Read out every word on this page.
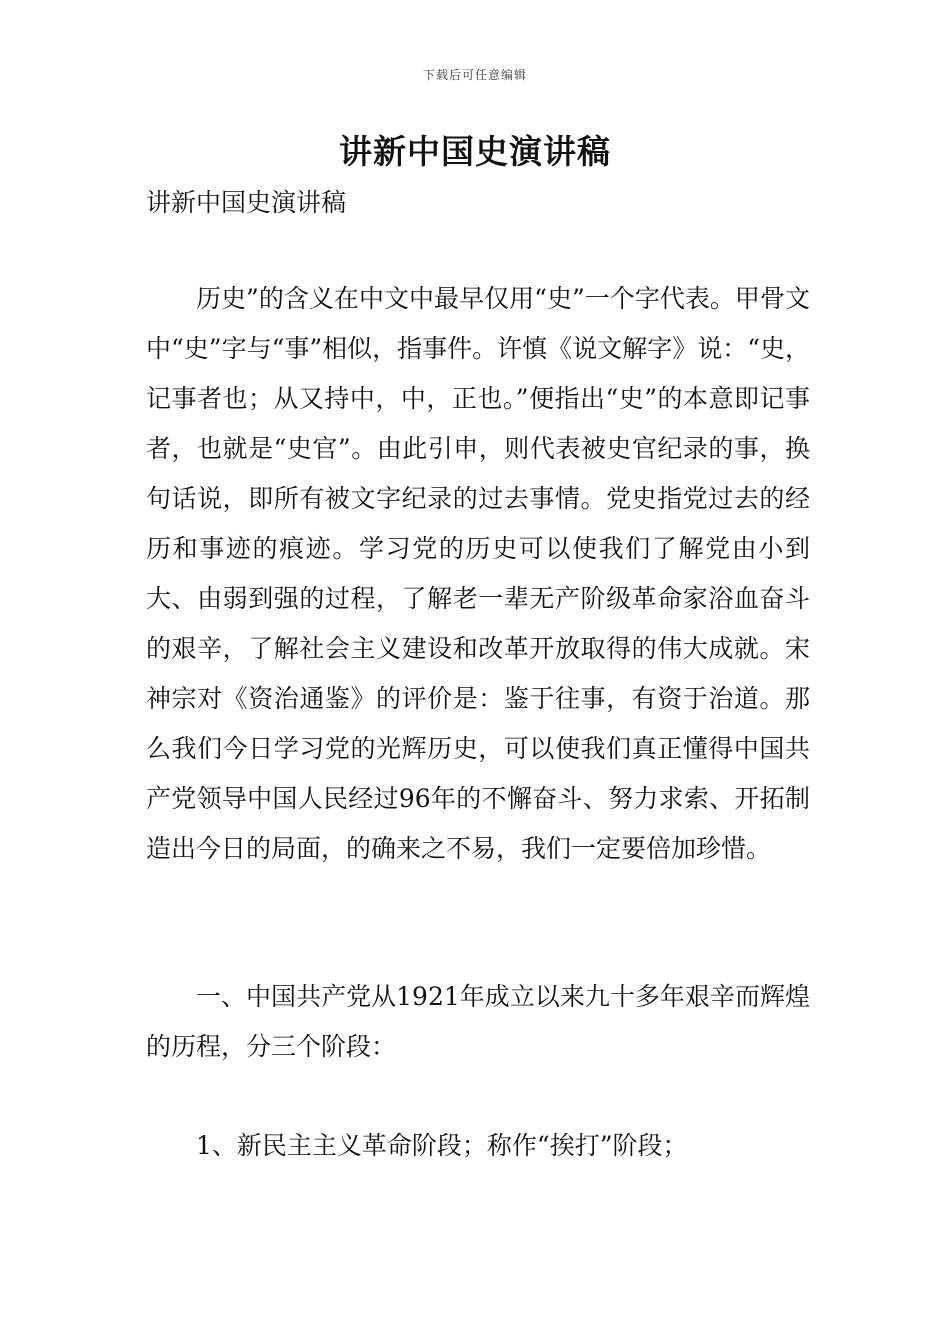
下载后可任意编辑
讲新中国史演讲稿

讲新中国史演讲稿

历史”的含义在中文中最早仅用“史”一个字代表。甲骨文中“史”字与“事”相似，指事件。许慎《说文解字》说：“史，记事者也；从又持中，中，正也。”便指出“史”的本意即记事者，也就是“史官”。由此引申，则代表被史官纪录的事，换句话说，即所有被文字纪录的过去事情。党史指党过去的经历和事迹的痕迹。学习党的历史可以使我们了解党由小到大、由弱到强的过程，了解老一辈无产阶级革命家浴血奋斗的艰辛，了解社会主义建设和改革开放取得的伟大成就。宋神宗对《资治通鉴》的评价是：鉴于往事，有资于治道。那么我们今日学习党的光辉历史，可以使我们真正懂得中国共产党领导中国人民经过96年的不懈奋斗、努力求索、开拓制造出今日的局面，的确来之不易，我们一定要倍加珍惜。

一、中国共产党从1921年成立以来九十多年艰辛而辉煌的历程，分三个阶段：

1、新民主主义革命阶段；称作“挨打”阶段；
